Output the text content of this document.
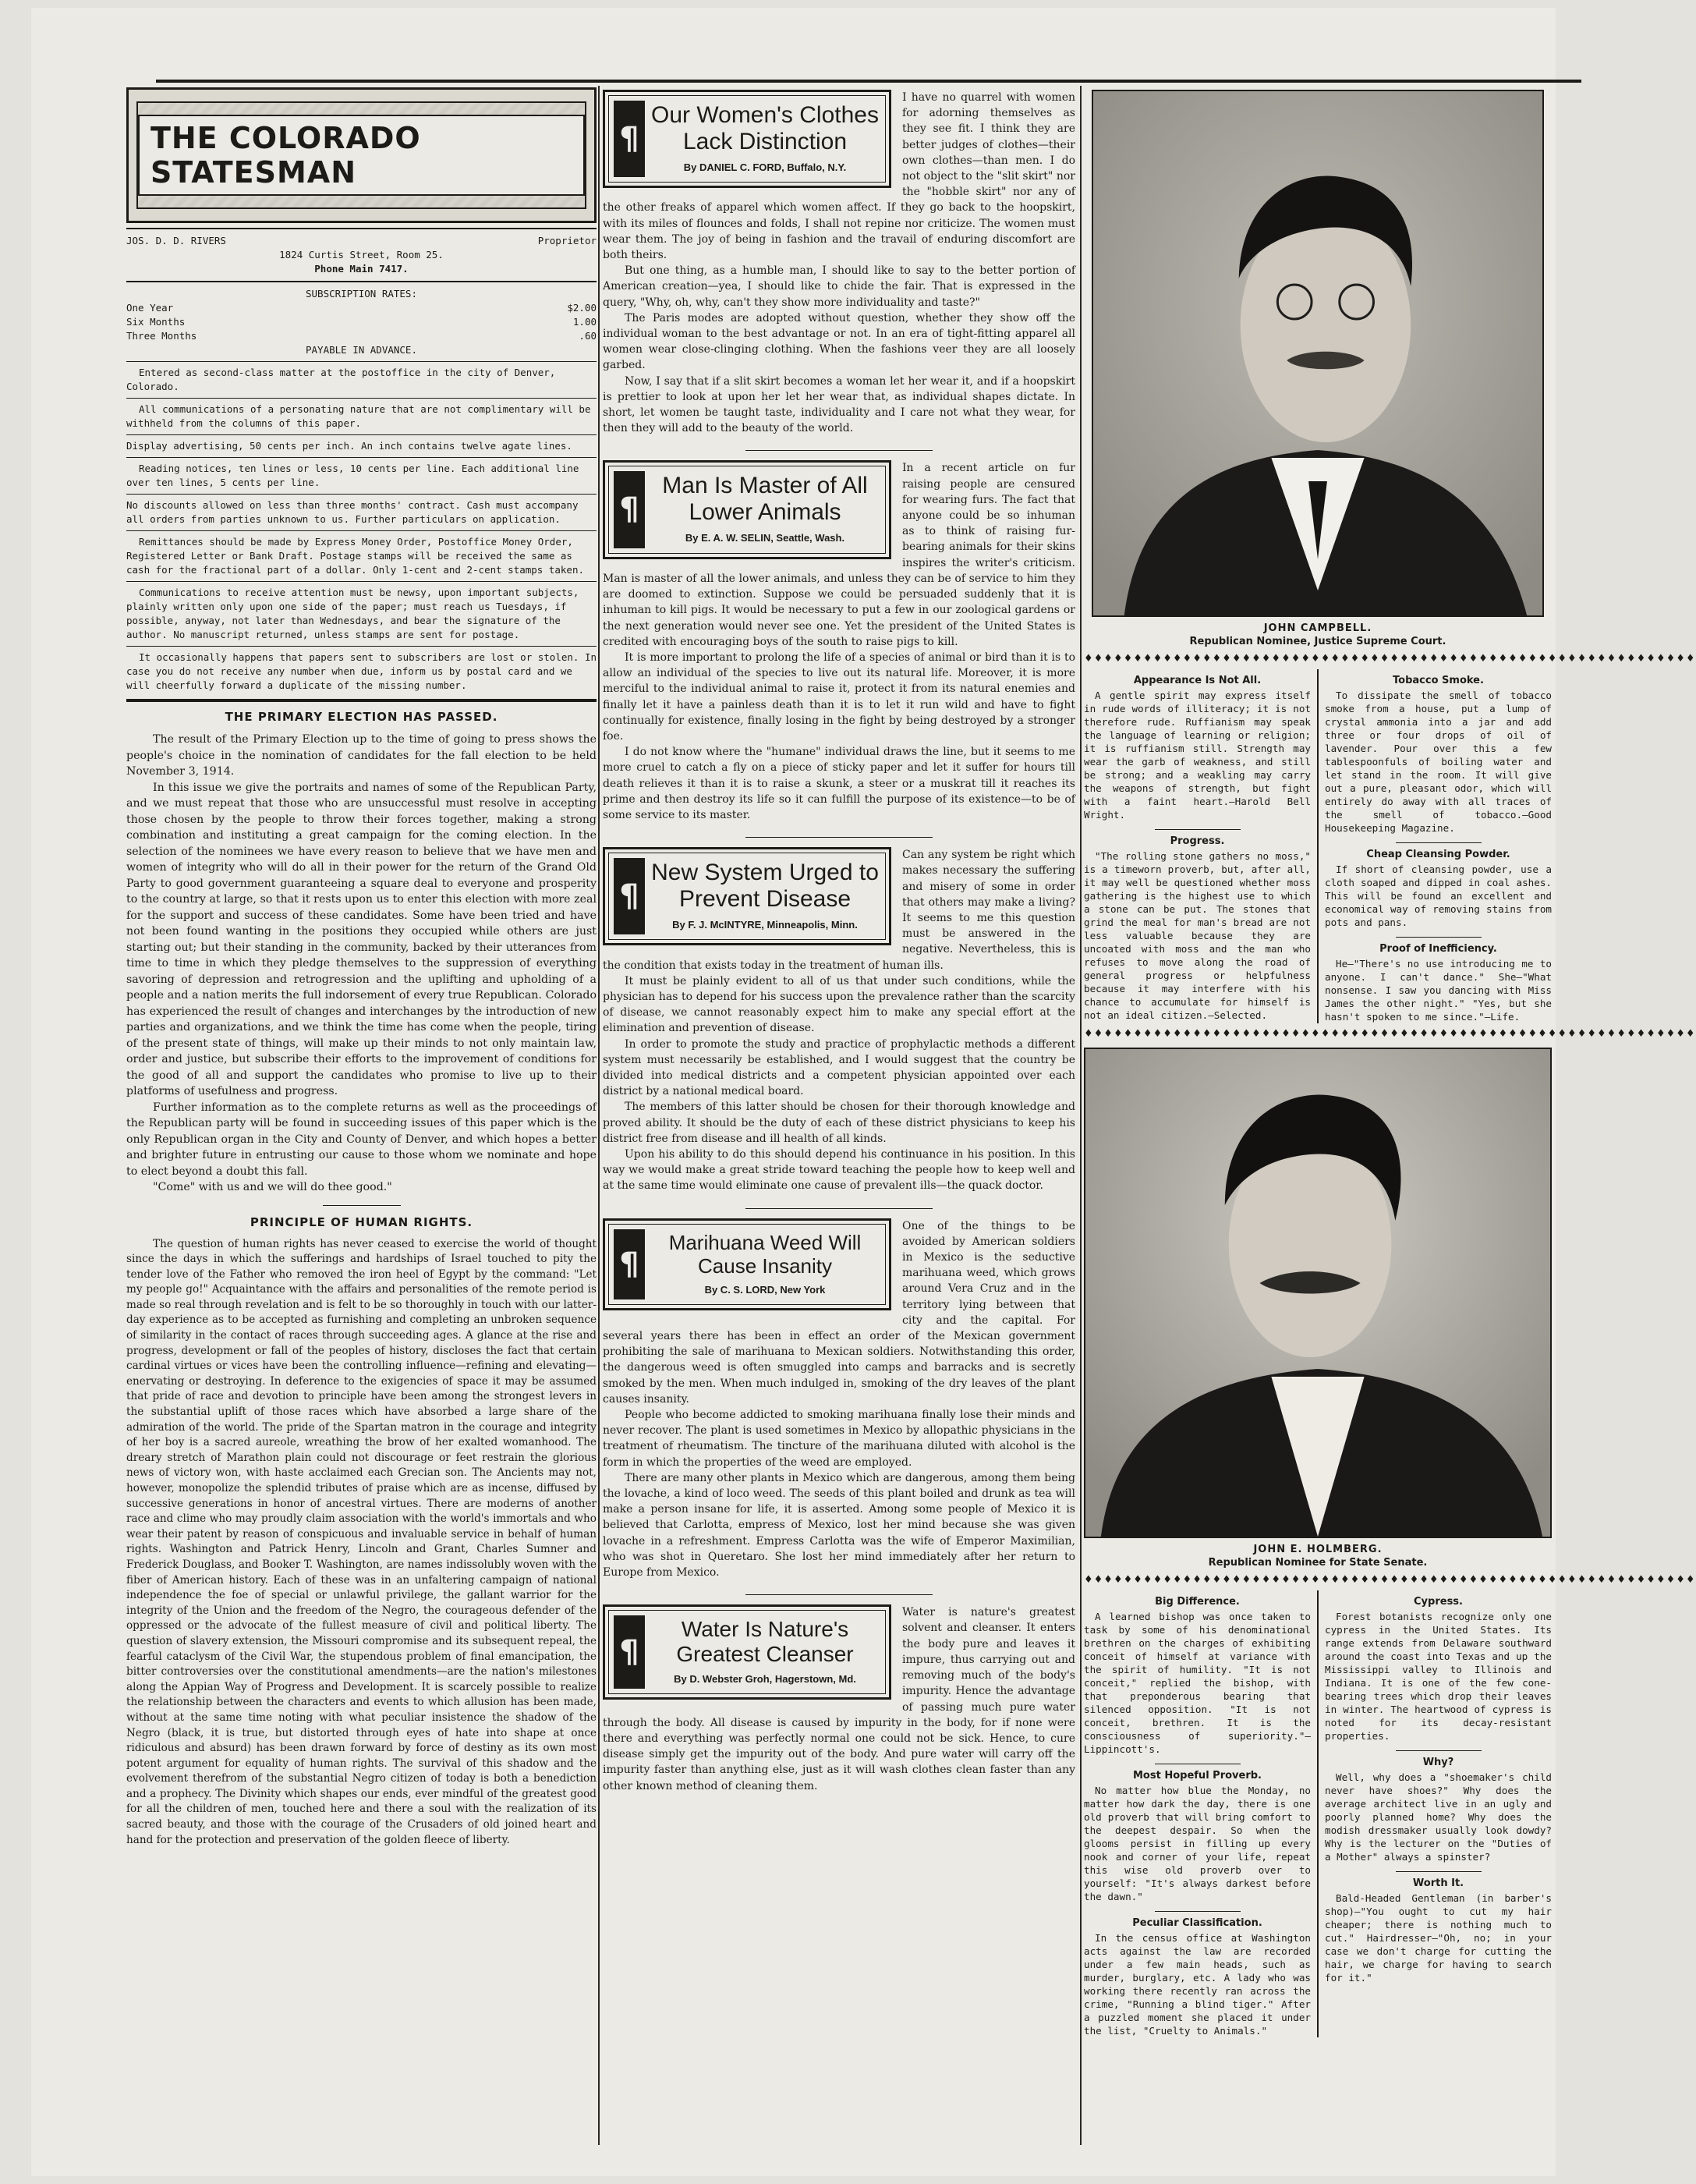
THE COLORADO STATESMAN
JOS. D. D. RIVERS	Proprietor
1824 Curtis Street, Room 25.
Phone Main 7417.
SUBSCRIPTION RATES:
One Year	$2.00
Six Months	1.00
Three Months	.60
PAYABLE IN ADVANCE.

Entered as second-class matter at the postoffice in the city of Denver, Colorado.

All communications of a personating nature that are not complimentary will be withheld from the columns of this paper.

Display advertising, 50 cents per inch. An inch contains twelve agate lines.

Reading notices, ten lines or less, 10 cents per line. Each additional line over ten lines, 5 cents per line.

No discounts allowed on less than three months' contract. Cash must accompany all orders from parties unknown to us. Further particulars on application.

Remittances should be made by Express Money Order, Postoffice Money Order, Registered Letter or Bank Draft. Postage stamps will be received the same as cash for the fractional part of a dollar. Only 1-cent and 2-cent stamps taken.

Communications to receive attention must be newsy, upon important subjects, plainly written only upon one side of the paper; must reach us Tuesdays, if possible, anyway, not later than Wednesdays, and bear the signature of the author. No manuscript returned, unless stamps are sent for postage.

It occasionally happens that papers sent to subscribers are lost or stolen. In case you do not receive any number when due, inform us by postal card and we will cheerfully forward a duplicate of the missing number.

THE PRIMARY ELECTION HAS PASSED.

The result of the Primary Election up to the time of going to press shows the people's choice in the nomination of candidates for the fall election to be held November 3, 1914.

In this issue we give the portraits and names of some of the Republican Party, and we must repeat that those who are unsuccessful must resolve in accepting those chosen by the people to throw their forces together, making a strong combination and instituting a great campaign for the coming election. In the selection of the nominees we have every reason to believe that we have men and women of integrity who will do all in their power for the return of the Grand Old Party to good government guaranteeing a square deal to everyone and prosperity to the country at large, so that it rests upon us to enter this election with more zeal for the support and success of these candidates. Some have been tried and have not been found wanting in the positions they occupied while others are just starting out; but their standing in the community, backed by their utterances from time to time in which they pledge themselves to the suppression of everything savoring of depression and retrogression and the uplifting and upholding of a people and a nation merits the full indorsement of every true Republican. Colorado has experienced the result of changes and interchanges by the introduction of new parties and organizations, and we think the time has come when the people, tiring of the present state of things, will make up their minds to not only maintain law, order and justice, but subscribe their efforts to the improvement of conditions for the good of all and support the candidates who promise to live up to their platforms of usefulness and progress.

Further information as to the complete returns as well as the proceedings of the Republican party will be found in succeeding issues of this paper which is the only Republican organ in the City and County of Denver, and which hopes a better and brighter future in entrusting our cause to those whom we nominate and hope to elect beyond a doubt this fall.

"Come" with us and we will do thee good."

PRINCIPLE OF HUMAN RIGHTS.

The question of human rights has never ceased to exercise the world of thought since the days in which the sufferings and hardships of Israel touched to pity the tender love of the Father who removed the iron heel of Egypt by the command: "Let my people go!" Acquaintance with the affairs and personalities of the remote period is made so real through revelation and is felt to be so thoroughly in touch with our latter-day experience as to be accepted as furnishing and completing an unbroken sequence of similarity in the contact of races through succeeding ages. A glance at the rise and progress, development or fall of the peoples of history, discloses the fact that certain cardinal virtues or vices have been the controlling influence—refining and elevating—enervating or destroying. In deference to the exigencies of space it may be assumed that pride of race and devotion to principle have been among the strongest levers in the substantial uplift of those races which have absorbed a large share of the admiration of the world. The pride of the Spartan matron in the courage and integrity of her boy is a sacred aureole, wreathing the brow of her exalted womanhood. The dreary stretch of Marathon plain could not discourage or feet restrain the glorious news of victory won, with haste acclaimed each Grecian son. The Ancients may not, however, monopolize the splendid tributes of praise which are as incense, diffused by successive generations in honor of ancestral virtues. There are moderns of another race and clime who may proudly claim association with the world's immortals and who wear their patent by reason of conspicuous and invaluable service in behalf of human rights. Washington and Patrick Henry, Lincoln and Grant, Charles Sumner and Frederick Douglass, and Booker T. Washington, are names indissolubly woven with the fiber of American history. Each of these was in an unfaltering campaign of national independence the foe of special or unlawful privilege, the gallant warrior for the integrity of the Union and the freedom of the Negro, the courageous defender of the oppressed or the advocate of the fullest measure of civil and political liberty. The question of slavery extension, the Missouri compromise and its subsequent repeal, the fearful cataclysm of the Civil War, the stupendous problem of final emancipation, the bitter controversies over the constitutional amendments—are the nation's milestones along the Appian Way of Progress and Development. It is scarcely possible to realize the relationship between the characters and events to which allusion has been made, without at the same time noting with what peculiar insistence the shadow of the Negro (black, it is true, but distorted through eyes of hate into shape at once ridiculous and absurd) has been drawn forward by force of destiny as its own most potent argument for equality of human rights. The survival of this shadow and the evolvement therefrom of the substantial Negro citizen of today is both a benediction and a prophecy. The Divinity which shapes our ends, ever mindful of the greatest good for all the children of men, touched here and there a soul with the realization of its sacred beauty, and those with the courage of the Crusaders of old joined heart and hand for the protection and preservation of the golden fleece of liberty.

¶
Our Women's Clothes Lack Distinction
By DANIEL C. FORD, Buffalo, N.Y.

I have no quarrel with women for adorning themselves as they see fit. I think they are better judges of clothes—their own clothes—than men. I do not object to the "slit skirt" nor the "hobble skirt" nor any of the other freaks of apparel which women affect. If they go back to the hoopskirt, with its miles of flounces and folds, I shall not repine nor criticize. The women must wear them. The joy of being in fashion and the travail of enduring discomfort are both theirs.

But one thing, as a humble man, I should like to say to the better portion of American creation—yea, I should like to chide the fair. That is expressed in the query, "Why, oh, why, can't they show more individuality and taste?"

The Paris modes are adopted without question, whether they show off the individual woman to the best advantage or not. In an era of tight-fitting apparel all women wear close-clinging clothing. When the fashions veer they are all loosely garbed.

Now, I say that if a slit skirt becomes a woman let her wear it, and if a hoopskirt is prettier to look at upon her let her wear that, as individual shapes dictate. In short, let women be taught taste, individuality and I care not what they wear, for then they will add to the beauty of the world.

¶
Man Is Master of All Lower Animals
By E. A. W. SELIN, Seattle, Wash.

In a recent article on fur raising people are censured for wearing furs. The fact that anyone could be so inhuman as to think of raising fur-bearing animals for their skins inspires the writer's criticism. Man is master of all the lower animals, and unless they can be of service to him they are doomed to extinction. Suppose we could be persuaded suddenly that it is inhuman to kill pigs. It would be necessary to put a few in our zoological gardens or the next generation would never see one. Yet the president of the United States is credited with encouraging boys of the south to raise pigs to kill.

It is more important to prolong the life of a species of animal or bird than it is to allow an individual of the species to live out its natural life. Moreover, it is more merciful to the individual animal to raise it, protect it from its natural enemies and finally let it have a painless death than it is to let it run wild and have to fight continually for existence, finally losing in the fight by being destroyed by a stronger foe.

I do not know where the "humane" individual draws the line, but it seems to me more cruel to catch a fly on a piece of sticky paper and let it suffer for hours till death relieves it than it is to raise a skunk, a steer or a muskrat till it reaches its prime and then destroy its life so it can fulfill the purpose of its existence—to be of some service to its master.

¶
New System Urged to Prevent Disease
By F. J. McINTYRE, Minneapolis, Minn.

Can any system be right which makes necessary the suffering and misery of some in order that others may make a living? It seems to me this question must be answered in the negative. Nevertheless, this is the condition that exists today in the treatment of human ills.

It must be plainly evident to all of us that under such conditions, while the physician has to depend for his success upon the prevalence rather than the scarcity of disease, we cannot reasonably expect him to make any special effort at the elimination and prevention of disease.

In order to promote the study and practice of prophylactic methods a different system must necessarily be established, and I would suggest that the country be divided into medical districts and a competent physician appointed over each district by a national medical board.

The members of this latter should be chosen for their thorough knowledge and proved ability. It should be the duty of each of these district physicians to keep his district free from disease and ill health of all kinds.

Upon his ability to do this should depend his continuance in his position. In this way we would make a great stride toward teaching the people how to keep well and at the same time would eliminate one cause of prevalent ills—the quack doctor.

¶
Marihuana Weed Will Cause Insanity
By C. S. LORD, New York

One of the things to be avoided by American soldiers in Mexico is the seductive marihuana weed, which grows around Vera Cruz and in the territory lying between that city and the capital. For several years there has been in effect an order of the Mexican government prohibiting the sale of marihuana to Mexican soldiers. Notwithstanding this order, the dangerous weed is often smuggled into camps and barracks and is secretly smoked by the men. When much indulged in, smoking of the dry leaves of the plant causes insanity.

People who become addicted to smoking marihuana finally lose their minds and never recover. The plant is used sometimes in Mexico by allopathic physicians in the treatment of rheumatism. The tincture of the marihuana diluted with alcohol is the form in which the properties of the weed are employed.

There are many other plants in Mexico which are dangerous, among them being the lovache, a kind of loco weed. The seeds of this plant boiled and drunk as tea will make a person insane for life, it is asserted. Among some people of Mexico it is believed that Carlotta, empress of Mexico, lost her mind because she was given lovache in a refreshment. Empress Carlotta was the wife of Emperor Maximilian, who was shot in Queretaro. She lost her mind immediately after her return to Europe from Mexico.

¶
Water Is Nature's Greatest Cleanser
By D. Webster Groh, Hagerstown, Md.

Water is nature's greatest solvent and cleanser. It enters the body pure and leaves it impure, thus carrying out and removing much of the body's impurity. Hence the advantage of passing much pure water through the body. All disease is caused by impurity in the body, for if none were there and everything was perfectly normal one could not be sick. Hence, to cure disease simply get the impurity out of the body. And pure water will carry off the impurity faster than anything else, just as it will wash clothes clean faster than any other known method of cleaning them.

JOHN CAMPBELL.
Republican Nominee, Justice Supreme Court.
♦♦♦♦♦♦♦♦♦♦♦♦♦♦♦♦♦♦♦♦♦♦♦♦♦♦♦♦♦♦♦♦♦♦♦♦♦♦♦♦♦♦♦♦♦♦♦♦♦♦♦♦♦♦♦♦♦♦♦♦♦♦
Appearance Is Not All.

A gentle spirit may express itself in rude words of illiteracy; it is not therefore rude. Ruffianism may speak the language of learning or religion; it is ruffianism still. Strength may wear the garb of weakness, and still be strong; and a weakling may carry the weapons of strength, but fight with a faint heart.—Harold Bell Wright.

Progress.

"The rolling stone gathers no moss," is a timeworn proverb, but, after all, it may well be questioned whether moss gathering is the highest use to which a stone can be put. The stones that grind the meal for man's bread are not less valuable because they are uncoated with moss and the man who refuses to move along the road of general progress or helpfulness because it may interfere with his chance to accumulate for himself is not an ideal citizen.—Selected.

Tobacco Smoke.

To dissipate the smell of tobacco smoke from a house, put a lump of crystal ammonia into a jar and add three or four drops of oil of lavender. Pour over this a few tablespoonfuls of boiling water and let stand in the room. It will give out a pure, pleasant odor, which will entirely do away with all traces of the smell of tobacco.—Good Housekeeping Magazine.

Cheap Cleansing Powder.

If short of cleansing powder, use a cloth soaped and dipped in coal ashes. This will be found an excellent and economical way of removing stains from pots and pans.

Proof of Inefficiency.

He—"There's no use introducing me to anyone. I can't dance." She—"What nonsense. I saw you dancing with Miss James the other night." "Yes, but she hasn't spoken to me since."—Life.

♦♦♦♦♦♦♦♦♦♦♦♦♦♦♦♦♦♦♦♦♦♦♦♦♦♦♦♦♦♦♦♦♦♦♦♦♦♦♦♦♦♦♦♦♦♦♦♦♦♦♦♦♦♦♦♦♦♦♦♦♦♦
JOHN E. HOLMBERG.
Republican Nominee for State Senate.
♦♦♦♦♦♦♦♦♦♦♦♦♦♦♦♦♦♦♦♦♦♦♦♦♦♦♦♦♦♦♦♦♦♦♦♦♦♦♦♦♦♦♦♦♦♦♦♦♦♦♦♦♦♦♦♦♦♦♦♦♦♦
Big Difference.

A learned bishop was once taken to task by some of his denominational brethren on the charges of exhibiting conceit of himself at variance with the spirit of humility. "It is not conceit," replied the bishop, with that preponderous bearing that silenced opposition. "It is not conceit, brethren. It is the consciousness of superiority."—Lippincott's.

Most Hopeful Proverb.

No matter how blue the Monday, no matter how dark the day, there is one old proverb that will bring comfort to the deepest despair. So when the glooms persist in filling up every nook and corner of your life, repeat this wise old proverb over to yourself: "It's always darkest before the dawn."

Peculiar Classification.

In the census office at Washington acts against the law are recorded under a few main heads, such as murder, burglary, etc. A lady who was working there recently ran across the crime, "Running a blind tiger." After a puzzled moment she placed it under the list, "Cruelty to Animals."

Cypress.

Forest botanists recognize only one cypress in the United States. Its range extends from Delaware southward around the coast into Texas and up the Mississippi valley to Illinois and Indiana. It is one of the few cone-bearing trees which drop their leaves in winter. The heartwood of cypress is noted for its decay-resistant properties.

Why?

Well, why does a "shoemaker's child never have shoes?" Why does the average architect live in an ugly and poorly planned home? Why does the modish dressmaker usually look dowdy? Why is the lecturer on the "Duties of a Mother" always a spinster?

Worth It.

Bald-Headed Gentleman (in barber's shop)—"You ought to cut my hair cheaper; there is nothing much to cut." Hairdresser—"Oh, no; in your case we don't charge for cutting the hair, we charge for having to search for it."
